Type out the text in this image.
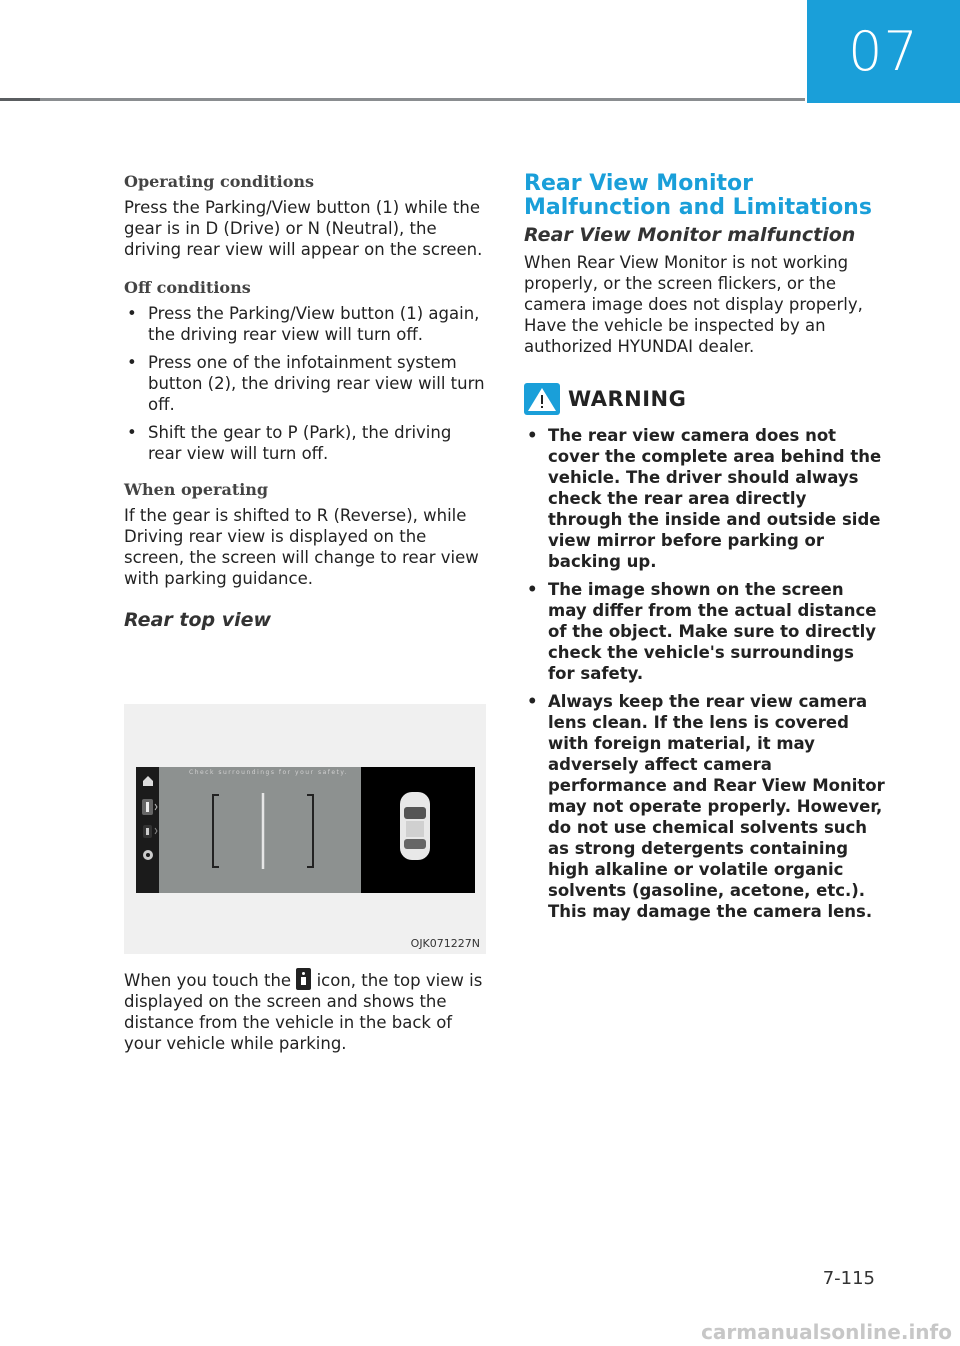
07
Operating conditions

Press the Parking/View button (1) while the gear is in D (Drive) or N (Neutral), the driving rear view will appear on the screen.

Off conditions
• Press the Parking/View button (1) again, the driving rear view will turn off.
• Press one of the infotainment system button (2), the driving rear view will turn off.
• Shift the gear to P (Park), the driving rear view will turn off.
When operating

If the gear is shifted to R (Reverse), while Driving rear view is displayed on the screen, the screen will change to rear view with parking guidance.

Rear top view
Check surroundings for your safety.
OJK071227N

When you touch the icon, the top view is displayed on the screen and shows the distance from the vehicle in the back of your vehicle while parking.

Rear View Monitor Malfunction and Limitations
Rear View Monitor malfunction

When Rear View Monitor is not working properly, or the screen flickers, or the camera image does not display properly, Have the vehicle be inspected by an authorized HYUNDAI dealer.

WARNING
• The rear view camera does not cover the complete area behind the vehicle. The driver should always check the rear area directly through the inside and outside side view mirror before parking or backing up.
• The image shown on the screen may differ from the actual distance of the object. Make sure to directly check the vehicle's surroundings for safety.
• Always keep the rear view camera lens clean. If the lens is covered with foreign material, it may adversely affect camera performance and Rear View Monitor may not operate properly. However, do not use chemical solvents such as strong detergents containing high alkaline or volatile organic solvents (gasoline, acetone, etc.). This may damage the camera lens.
7-115
carmanualsonline.info
